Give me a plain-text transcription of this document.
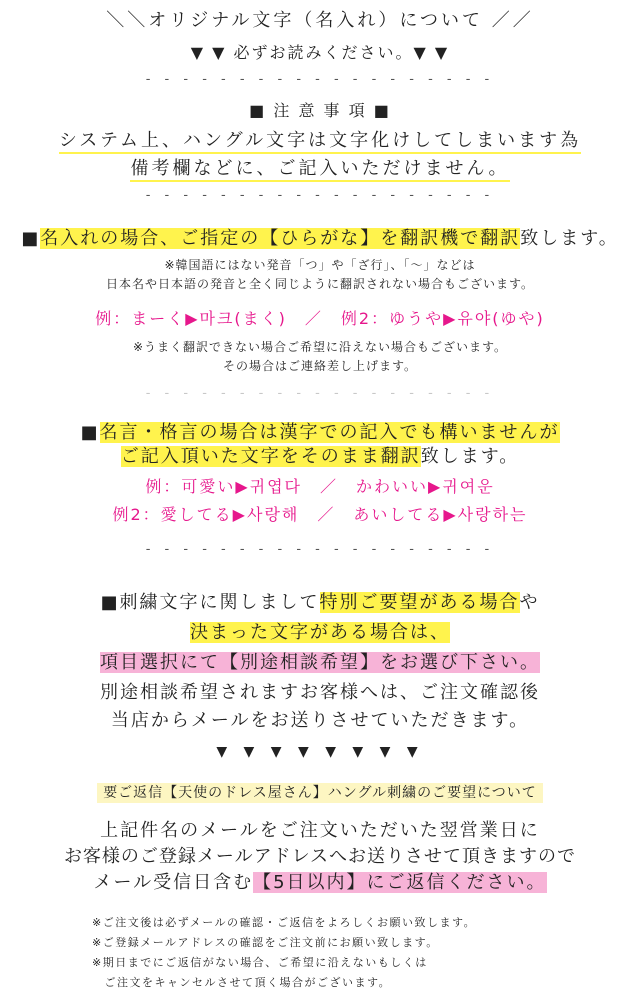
＼＼オリジナル文字（名入れ）について ／／
▼ ▼ 必ずお読みください。▼ ▼
- - - - - - - - - - - - - - - - - - -
■ 注 意 事 項 ■
システム上、ハングル文字は文字化けしてしまいます為
備考欄などに、ご記入いただけません。
- - - - - - - - - - - - - - - - - - -
■名入れの場合、ご指定の【ひらがな】を翻訳機で翻訳致します。
※韓国語にはない発音「つ」や「ざ行」、「〜」などは
日本名や日本語の発音と全く同じように翻訳されない場合もございます。
例：まーく▶마크(まく)　／　例2：ゆうや▶유야(ゆや)
※うまく翻訳できない場合ご希望に沿えない場合もございます。
その場合はご連絡差し上げます。
- - - - - - - - - - - - - - - - - - -
■名言・格言の場合は漢字での記入でも構いませんが
ご記入頂いた文字をそのまま翻訳致します。
例：可愛い▶귀엽다　／　かわいい▶귀여운
例2：愛してる▶사랑해　／　あいしてる▶사랑하는
- - - - - - - - - - - - - - - - - - -
■刺繍文字に関しまして特別ご要望がある場合や
決まった文字がある場合は、
項目選択にて【別途相談希望】をお選び下さい。
別途相談希望されますお客様へは、ご注文確認後
当店からメールをお送りさせていただきます。
▼ ▼ ▼ ▼ ▼ ▼ ▼ ▼
要ご返信【天使のドレス屋さん】ハングル刺繍のご要望について
上記件名のメールをご注文いただいた翌営業日に
お客様のご登録メールアドレスへお送りさせて頂きますので
メール受信日含む【5日以内】にご返信ください。
※ご注文後は必ずメールの確認・ご返信をよろしくお願い致します。
※ご登録メールアドレスの確認をご注文前にお願い致します。
※期日までにご返信がない場合、ご希望に沿えないもしくは
　ご注文をキャンセルさせて頂く場合がございます。
